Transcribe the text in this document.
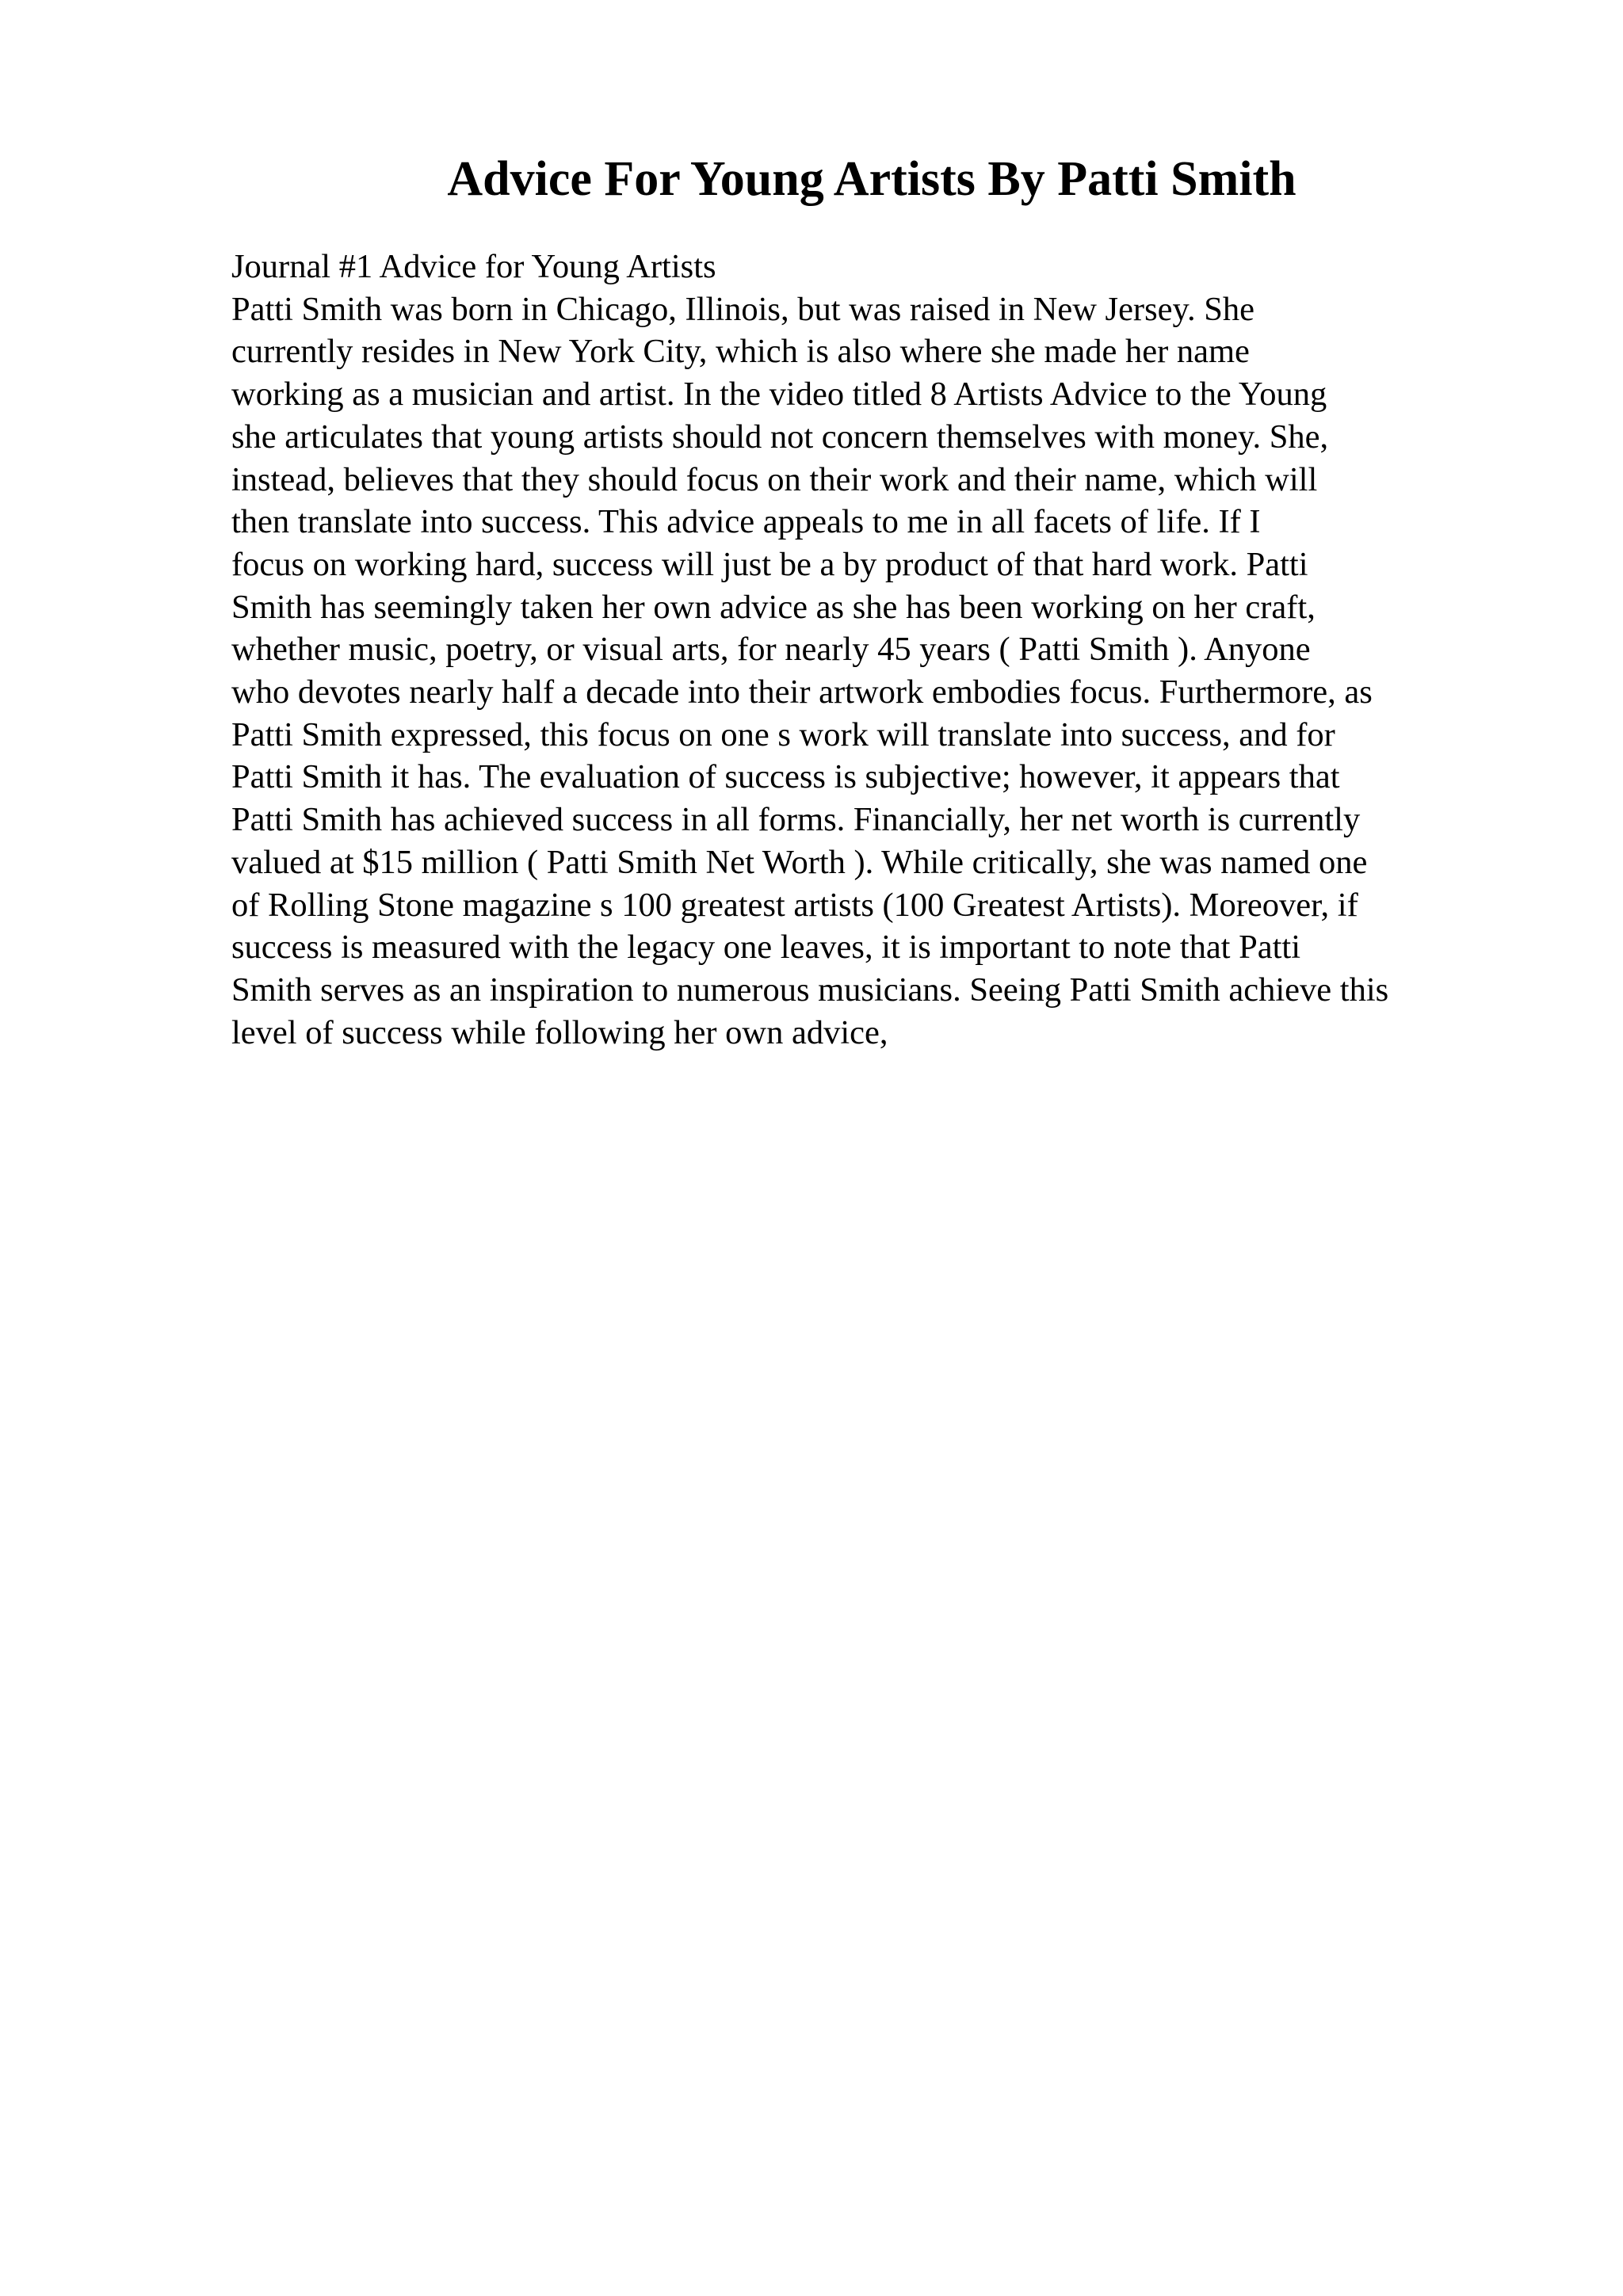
Advice For Young Artists By Patti Smith
Journal #1 Advice for Young Artists
Patti Smith was born in Chicago, Illinois, but was raised in New Jersey. She
currently resides in New York City, which is also where she made her name
working as a musician and artist. In the video titled 8 Artists Advice to the Young
she articulates that young artists should not concern themselves with money. She,
instead, believes that they should focus on their work and their name, which will
then translate into success. This advice appeals to me in all facets of life. If I
focus on working hard, success will just be a by product of that hard work. Patti
Smith has seemingly taken her own advice as she has been working on her craft,
whether music, poetry, or visual arts, for nearly 45 years ( Patti Smith ). Anyone
who devotes nearly half a decade into their artwork embodies focus. Furthermore, as
Patti Smith expressed, this focus on one s work will translate into success, and for
Patti Smith it has. The evaluation of success is subjective; however, it appears that
Patti Smith has achieved success in all forms. Financially, her net worth is currently
valued at $15 million ( Patti Smith Net Worth ). While critically, she was named one
of Rolling Stone magazine s 100 greatest artists (100 Greatest Artists). Moreover, if
success is measured with the legacy one leaves, it is important to note that Patti
Smith serves as an inspiration to numerous musicians. Seeing Patti Smith achieve this
level of success while following her own advice,
